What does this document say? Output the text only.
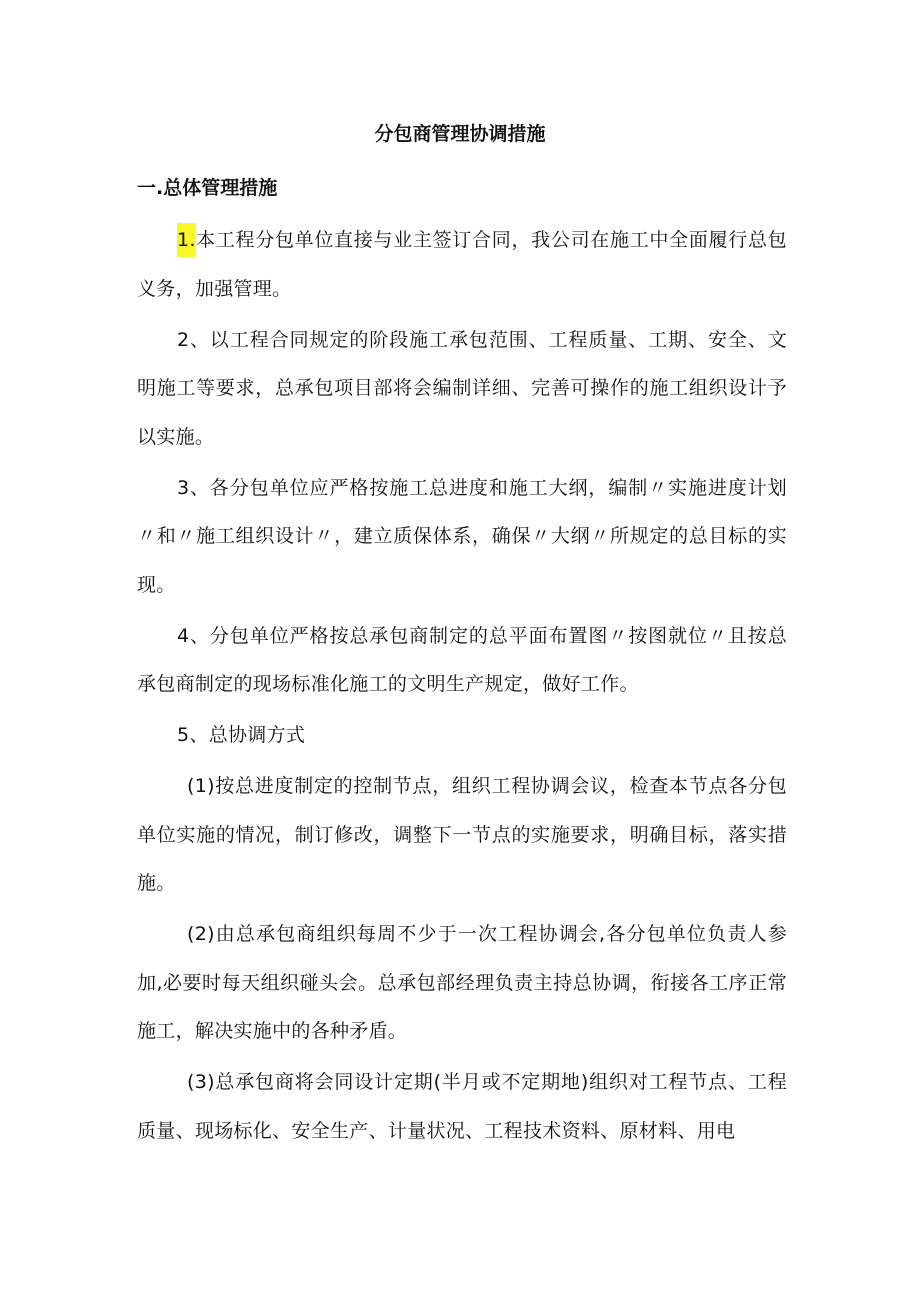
分包商管理协调措施
一.总体管理措施

1.本工程分包单位直接与业主签订合同，我公司在施工中全面履行总包义务，加强管理。

2、以工程合同规定的阶段施工承包范围、工程质量、工期、安全、文明施工等要求，总承包项目部将会编制详细、完善可操作的施工组织设计予以实施。

3、各分包单位应严格按施工总进度和施工大纲，编制〃实施进度计划〃和〃施工组织设计〃，建立质保体系，确保〃大纲〃所规定的总目标的实现。

4、分包单位严格按总承包商制定的总平面布置图〃按图就位〃且按总承包商制定的现场标准化施工的文明生产规定，做好工作。

5、总协调方式

(1)按总进度制定的控制节点，组织工程协调会议，检查本节点各分包单位实施的情况，制订修改，调整下一节点的实施要求，明确目标，落实措施。

(2)由总承包商组织每周不少于一次工程协调会,各分包单位负责人参加,必要时每天组织碰头会。总承包部经理负责主持总协调，衔接各工序正常施工，解决实施中的各种矛盾。

(3)总承包商将会同设计定期(半月或不定期地)组织对工程节点、工程质量、现场标化、安全生产、计量状况、工程技术资料、原材料、用电
